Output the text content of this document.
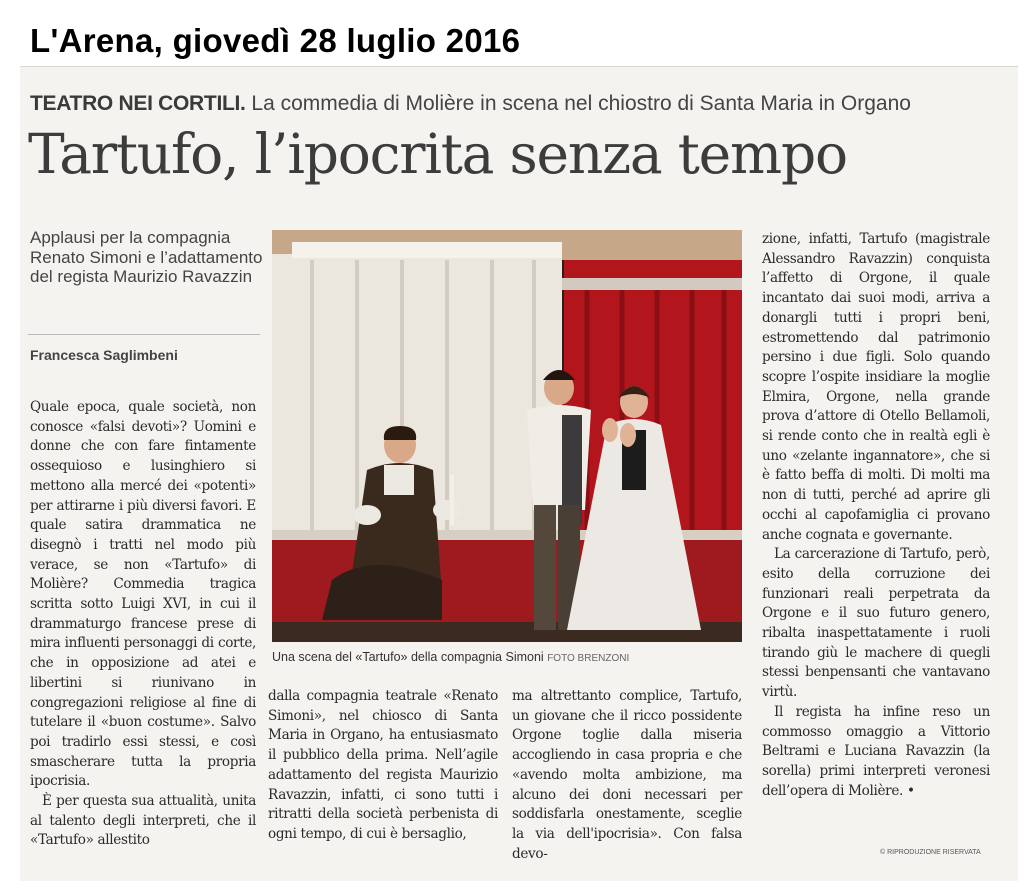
L'Arena, giovedì 28 luglio 2016
TEATRO NEI CORTILI. La commedia di Molière in scena nel chiostro di Santa Maria in Organo
Tartufo, l’ipocrita senza tempo
Applausi per la compagnia Renato Simoni e l’adattamento del regista Maurizio Ravazzin
Francesca Saglimbeni

Quale epoca, quale società, non conosce «falsi devoti»? Uomini e donne che con fare fintamente ossequioso e lusinghiero si mettono alla mercé dei «potenti» per attirarne i più diversi favori. E quale satira drammatica ne disegnò i tratti nel modo più verace, se non «Tartufo» di Molière? Commedia tragica scritta sotto Luigi XVI, in cui il drammaturgo francese prese di mira influenti personaggi di corte, che in opposizione ad atei e libertini si riunivano in congregazioni religiose al fine di tutelare il «buon costume». Salvo poi tradirlo essi stessi, e così smascherare tutta la propria ipocrisia.

È per questa sua attualità, unita al talento degli interpreti, che il «Tartufo» allestito

Una scena del «Tartufo» della compagnia Simoni FOTO BRENZONI

dalla compagnia teatrale «Renato Simoni», nel chiosco di Santa Maria in Organo, ha entusiasmato il pubblico della prima. Nell’agile adattamento del regista Maurizio Ravazzin, infatti, ci sono tutti i ritratti della società perbenista di ogni tempo, di cui è bersaglio,

ma altrettanto complice, Tartufo, un giovane che il ricco possidente Orgone toglie dalla miseria accogliendo in casa propria e che «avendo molta ambizione, ma alcuno dei doni necessari per soddisfarla onestamente, sceglie la via dell'ipocrisia». Con falsa devo-

zione, infatti, Tartufo (magistrale Alessandro Ravazzin) conquista l’affetto di Orgone, il quale incantato dai suoi modi, arriva a donargli tutti i propri beni, estromettendo dal patrimonio persino i due figli. Solo quando scopre l’ospite insidiare la moglie Elmira, Orgone, nella grande prova d’attore di Otello Bellamoli, si rende conto che in realtà egli è uno «zelante ingannatore», che si è fatto beffa di molti. Di molti ma non di tutti, perché ad aprire gli occhi al capofamiglia ci provano anche cognata e governante.

La carcerazione di Tartufo, però, esito della corruzione dei funzionari reali perpetrata da Orgone e il suo futuro genero, ribalta inaspettatamente i ruoli tirando giù le machere di quegli stessi benpensanti che vantavano virtù.

Il regista ha infine reso un commosso omaggio a Vittorio Beltrami e Luciana Ravazzin (la sorella) primi interpreti veronesi dell’opera di Molière. •

© RIPRODUZIONE RISERVATA
